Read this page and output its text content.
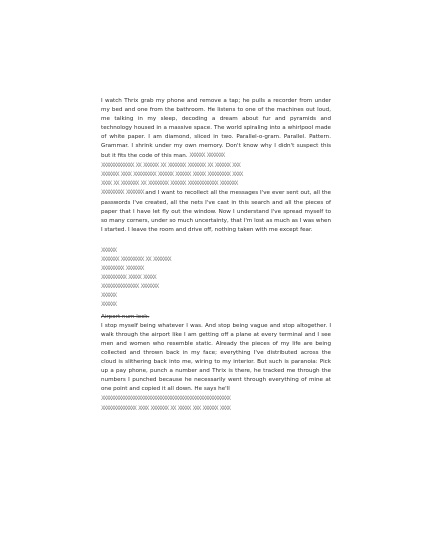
I watch Thrix grab my phone and remove a tap; he pulls a recorder from under my bed and one from the bathroom. He listens to one of the machines out loud, me talking in my sleep, decoding a dream about fur and pyramids and technology housed in a massive space. The world spiraling into a whirlpool made of white paper. I am diamond, sliced in two. Parallel-o-gram. Parallel. Pattern. Grammar. I shrink under my own memory. Don't know why I didn't suspect this but it fits the code of this man. XXXXXX XXXXXXX

XXXXXXXXXXXXX XX XXXXXX XX XXXXXXX XXXXXXX XX XXXXXX XXX
XXXXXXX XXXX XXXXXXXXX XXXXXX XXXXXX XXXXX XXXXXXXXX XXXX
XXXX XX XXXXXXX XX XXXXXXXX XXXXXX XXXXXXXXXXXX XXXXXXX

XXXXXXXXX XXXXXXX and I want to recollect all the messages I've ever sent out, all the passwords I've created, all the nets I've cast in this search and all the pieces of paper that I have let fly out the window. Now I understand I've spread myself to so many corners, under so much uncertainty, that I'm lost as much as I was when I started. I leave the room and drive off, nothing taken with me except fear.

XXXXXX
XXXXXXX XXXXXXXXX XX XXXXXXX
XXXXXXXXX XXXXXXX
XXXXXXXXXX XXXXX XXXXX
XXXXXXXXXXXXXXX XXXXXXX
XXXXXX
XXXXXX

Airport num lock.
I stop myself being whatever I was. And stop being vague and stop altogether. I walk through the airport like I am getting off a plane at every terminal and I see men and women who resemble static. Already the pieces of my life are being collected and thrown back in my face; everything I've distributed across the cloud is slithering back into me, wiring to my interior. But such is paranoia: Pick up a pay phone, punch a number and Thrix is there, he tracked me through the numbers I punched because he necessarily went through everything of mine at one point and copied it all down. He says he'll

XXXXXXXXXXXXXXXXXXXXXXXXXXXXXXXXXXXXXXXXXXXXXXXXXXXX
XXXXXXXXXXXXXX XXXX XXXXXXX XX XXXXX XXX XXXXXX XXXX
